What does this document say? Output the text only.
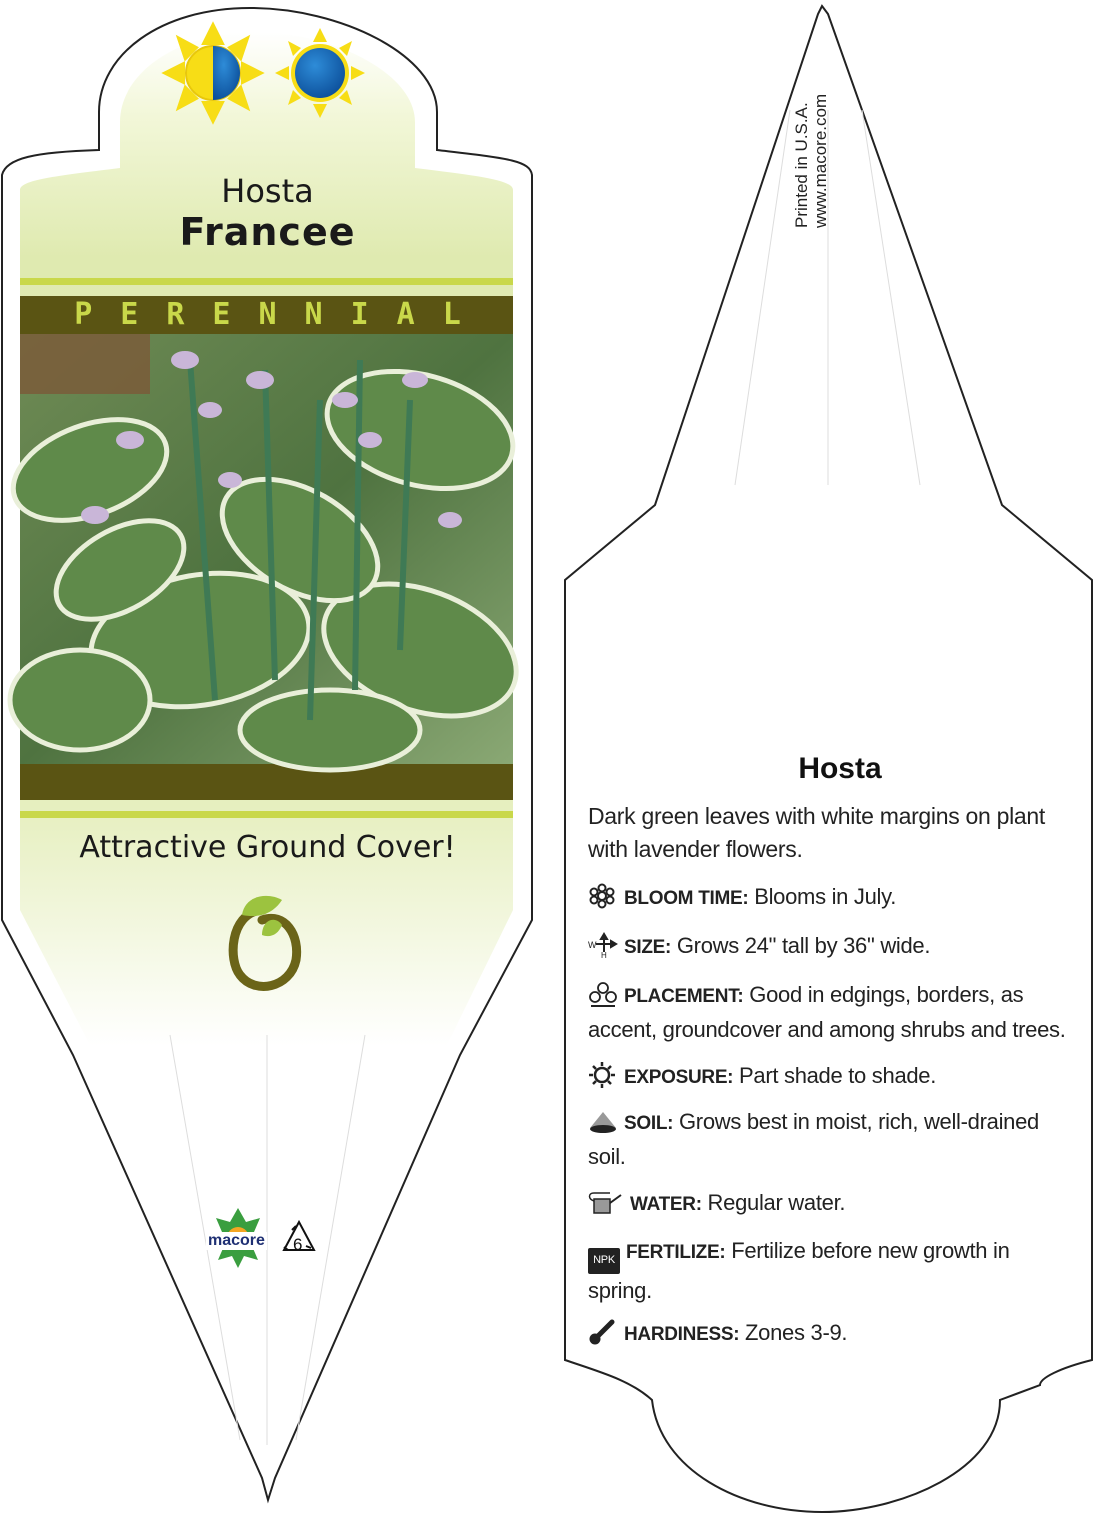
Hosta
Francee
PERENNIAL
Attractive Ground Cover!
macore 6
Printed in U.S.A. www.macore.com
Hosta
Dark green leaves with white margins on plant with lavender flowers.
BLOOM TIME: Blooms in July.
W
H SIZE: Grows 24" tall by 36" wide.
PLACEMENT: Good in edgings, borders, as accent, groundcover and among shrubs and trees.
EXPOSURE: Part shade to shade.
SOIL: Grows best in moist, rich, well-drained soil.
WATER: Regular water.
NPK FERTILIZE: Fertilize before new growth in spring.
HARDINESS: Zones 3-9.
